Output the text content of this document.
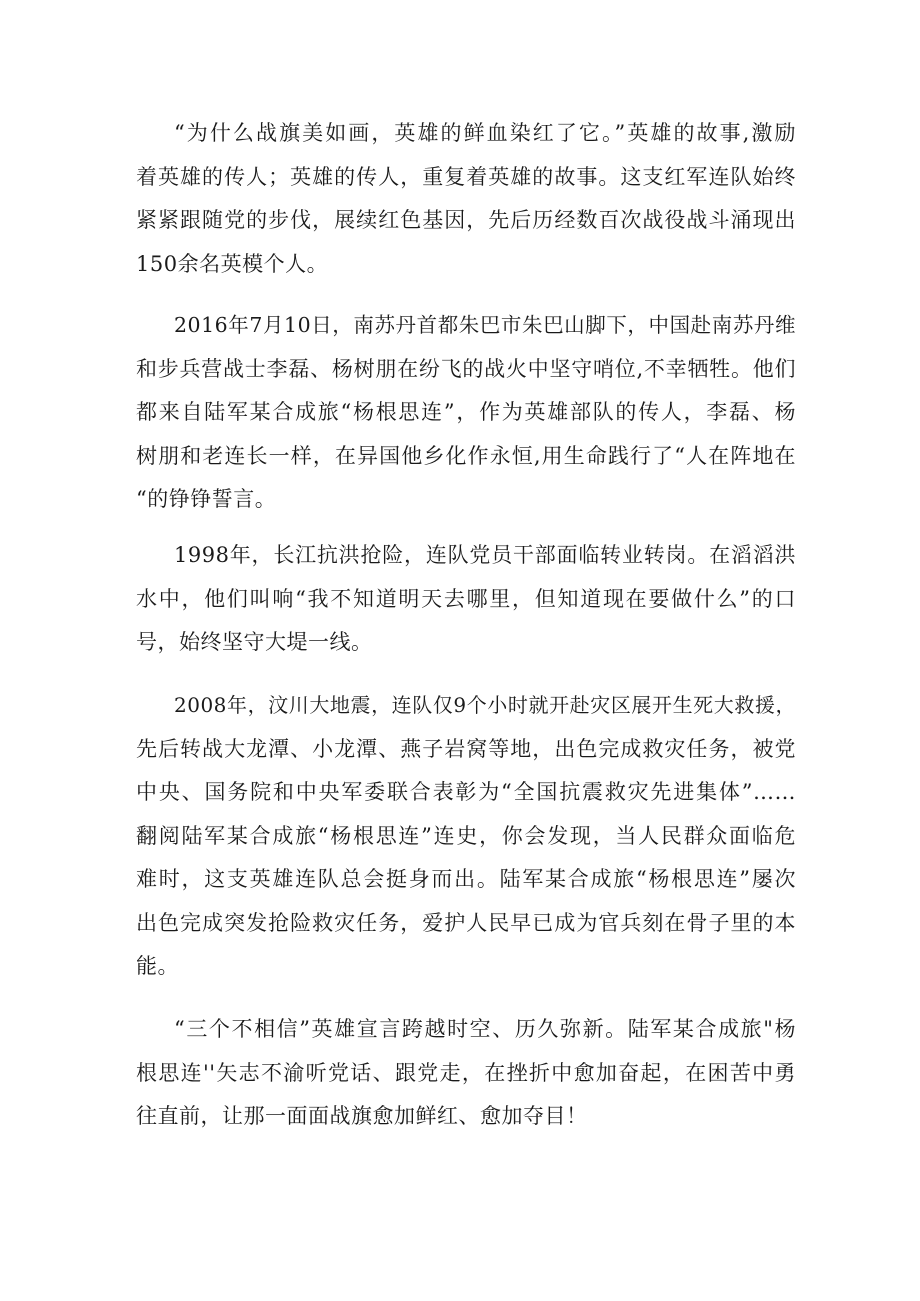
“为什么战旗美如画，英雄的鲜血染红了它。”英雄的故事,激励
着英雄的传人；英雄的传人，重复着英雄的故事。这支红军连队始终
紧紧跟随党的步伐，展续红色基因，先后历经数百次战役战斗涌现出
150余名英模个人。
2016年7月10日，南苏丹首都朱巴市朱巴山脚下，中国赴南苏丹维
和步兵营战士李磊、杨树朋在纷飞的战火中坚守哨位,不幸牺牲。他们
都来自陆军某合成旅“杨根思连”，作为英雄部队的传人，李磊、杨
树朋和老连长一样，在异国他乡化作永恒,用生命践行了“人在阵地在
“的铮铮誓言。
1998年，长江抗洪抢险，连队党员干部面临转业转岗。在滔滔洪
水中，他们叫响“我不知道明天去哪里，但知道现在要做什么”的口
号，始终坚守大堤一线。
2008年，汶川大地震，连队仅9个小时就开赴灾区展开生死大救援，
先后转战大龙潭、小龙潭、燕子岩窝等地，出色完成救灾任务，被党
中央、国务院和中央军委联合表彰为“全国抗震救灾先进集体”……
翻阅陆军某合成旅“杨根思连”连史，你会发现，当人民群众面临危
难时，这支英雄连队总会挺身而出。陆军某合成旅“杨根思连”屡次
出色完成突发抢险救灾任务，爱护人民早已成为官兵刻在骨子里的本
能。
“三个不相信”英雄宣言跨越时空、历久弥新。陆军某合成旅"杨
根思连''矢志不渝听党话、跟党走，在挫折中愈加奋起，在困苦中勇
往直前，让那一面面战旗愈加鲜红、愈加夺目！
